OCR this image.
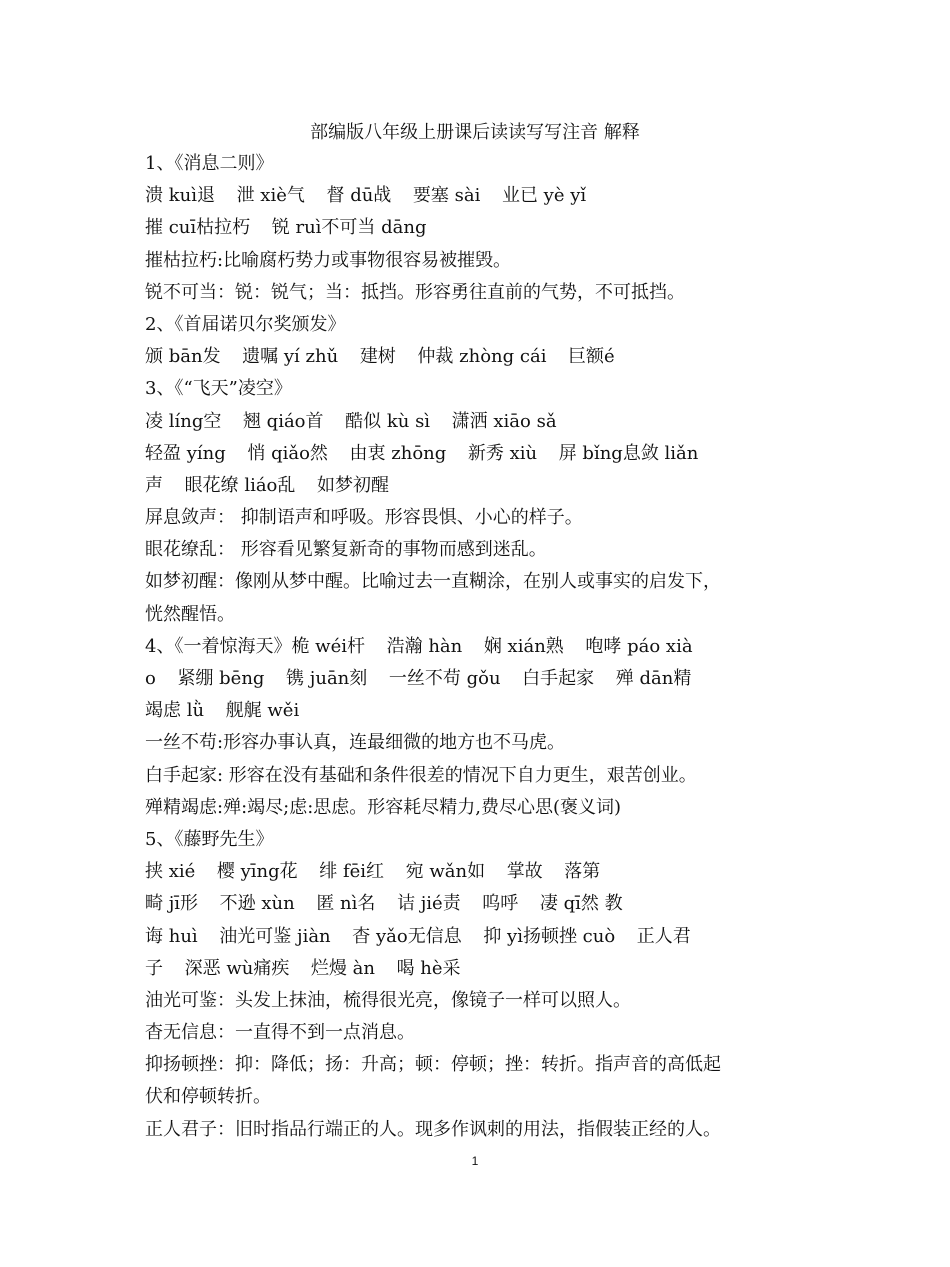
部编版八年级上册课后读读写写注音 解释
1、《消息二则》
溃 kuì退 泄 xiè气 督 dū战 要塞 sài 业已 yè yǐ
摧 cuī枯拉朽 锐 ruì不可当 dāng
摧枯拉朽:比喻腐朽势力或事物很容易被摧毁。
锐不可当：锐：锐气；当：抵挡。形容勇往直前的气势，不可抵挡。
2、《首届诺贝尔奖颁发》
颁 bān发 遗嘱 yí zhǔ 建树 仲裁 zhòng cái 巨额é
3、《“飞天”凌空》
凌 líng空 翘 qiáo首 酷似 kù sì 潇洒 xiāo sǎ
轻盈 yíng 悄 qiǎo然 由衷 zhōng 新秀 xiù 屏 bǐng息敛 liǎn
声 眼花缭 liáo乱 如梦初醒
屏息敛声： 抑制语声和呼吸。形容畏惧、小心的样子。
眼花缭乱： 形容看见繁复新奇的事物而感到迷乱。
如梦初醒：像刚从梦中醒。比喻过去一直糊涂，在别人或事实的启发下，
恍然醒悟。
4、《一着惊海天》桅 wéi杆 浩瀚 hàn 娴 xián熟 咆哮 páo xià
o 紧绷 bēng 镌 juān刻 一丝不苟 gǒu 白手起家 殚 dān精
竭虑 lǜ 舰艉 wěi
一丝不苟:形容办事认真，连最细微的地方也不马虎。
白手起家: 形容在没有基础和条件很差的情况下自力更生，艰苦创业。
殚精竭虑:殚:竭尽;虑:思虑。形容耗尽精力,费尽心思(褒义词)
5、《藤野先生》
挟 xié 樱 yīng花 绯 fēi红 宛 wǎn如 掌故 落第
畸 jī形 不逊 xùn 匿 nì名 诘 jié责 呜呼 凄 qī然 教
诲 huì 油光可鉴 jiàn 杳 yǎo无信息 抑 yì扬顿挫 cuò 正人君
子 深恶 wù痛疾 烂熳 àn 喝 hè采
油光可鉴：头发上抹油，梳得很光亮，像镜子一样可以照人。
杳无信息：一直得不到一点消息。
抑扬顿挫：抑：降低；扬：升高；顿：停顿；挫：转折。指声音的高低起
伏和停顿转折。
正人君子：旧时指品行端正的人。现多作讽刺的用法，指假装正经的人。
1
